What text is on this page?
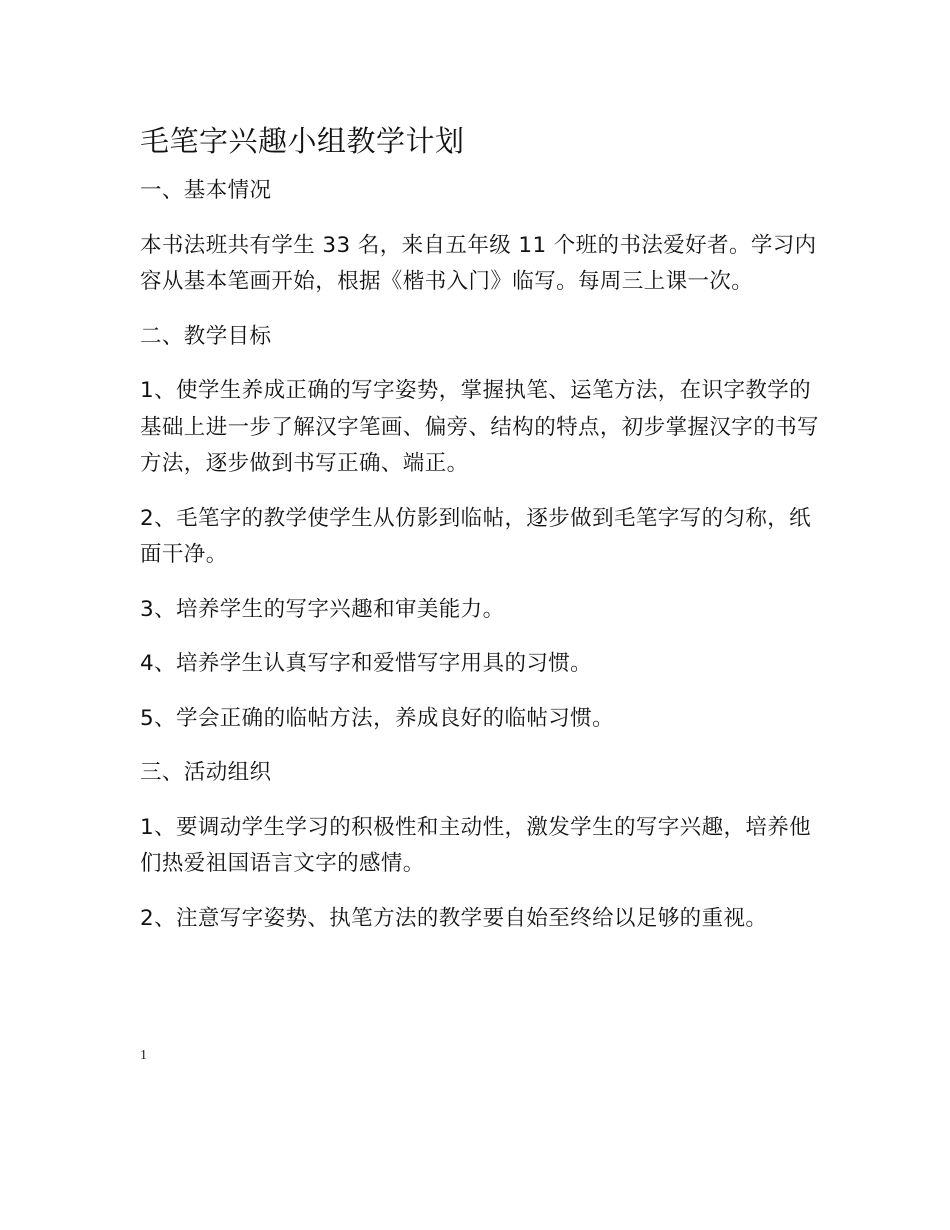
毛笔字兴趣小组教学计划
一、基本情况
本书法班共有学生 33 名，来自五年级 11 个班的书法爱好者。学习内容从基本笔画开始，根据《楷书入门》临写。每周三上课一次。
二、教学目标
1、使学生养成正确的写字姿势，掌握执笔、运笔方法，在识字教学的基础上进一步了解汉字笔画、偏旁、结构的特点，初步掌握汉字的书写方法，逐步做到书写正确、端正。
2、毛笔字的教学使学生从仿影到临帖，逐步做到毛笔字写的匀称，纸面干净。
3、培养学生的写字兴趣和审美能力。
4、培养学生认真写字和爱惜写字用具的习惯。
5、学会正确的临帖方法，养成良好的临帖习惯。
三、活动组织
1、要调动学生学习的积极性和主动性，激发学生的写字兴趣，培养他们热爱祖国语言文字的感情。
2、注意写字姿势、执笔方法的教学要自始至终给以足够的重视。
1
